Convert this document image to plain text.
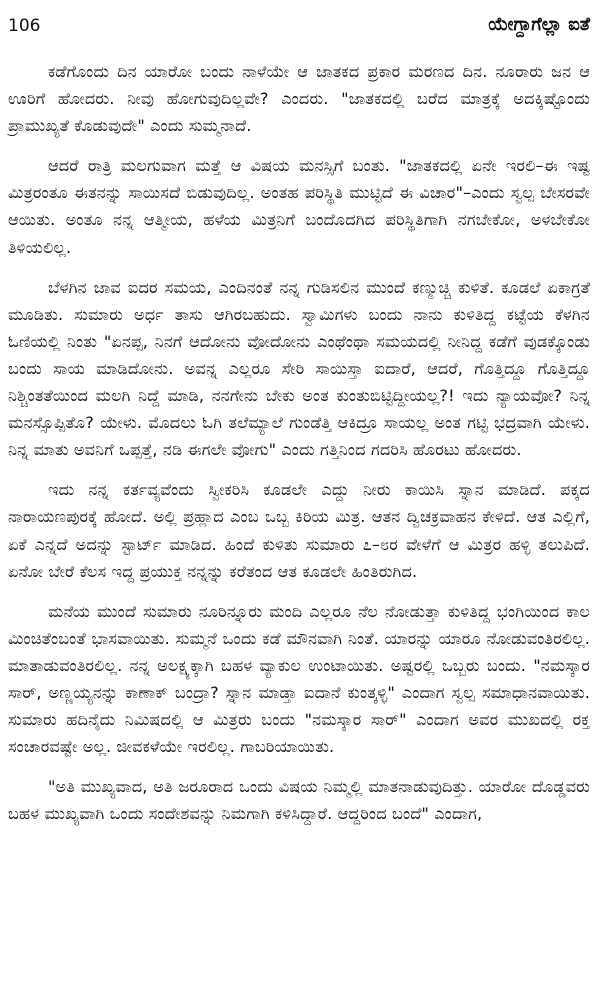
106	ಯೇಗ್ದಾಗೆಲ್ಲಾ ಐತೆ

ಕಡೆಗೊಂದು ದಿನ ಯಾರೋ ಬಂದು ನಾಳೆಯೇ ಆ ಜಾತಕದ ಪ್ರಕಾರ ಮರಣದ ದಿನ. ನೂರಾರು ಜನ ಆ ಊರಿಗೆ ಹೋದರು. ನೀವು ಹೋಗುವುದಿಲ್ಲವೇ? ಎಂದರು. "ಜಾತಕದಲ್ಲಿ ಬರೆದ ಮಾತ್ರಕ್ಕೆ ಅದಕ್ಕಿಷ್ಟೊಂದು ಪ್ರಾಮುಖ್ಯತೆ ಕೊಡುವುದೇ" ಎಂದು ಸುಮ್ಮನಾದೆ.

ಆದರೆ ರಾತ್ರಿ ಮಲಗುವಾಗ ಮತ್ತೆ ಆ ವಿಷಯ ಮನಸ್ಸಿಗೆ ಬಂತು. "ಜಾತಕದಲ್ಲಿ ಏನೇ ಇರಲಿ–ಈ ಇಷ್ಟ ಮಿತ್ರರಂತೂ ಈತನನ್ನು ಸಾಯಿಸದೆ ಬಿಡುವುದಿಲ್ಲ. ಅಂತಹ ಪರಿಸ್ಥಿತಿ ಮುಟ್ಟಿದೆ ಈ ವಿಚಾರ"–ಎಂದು ಸ್ವಲ್ಪ ಬೇಸರವೇ ಆಯಿತು. ಅಂತೂ ನನ್ನ ಆತ್ಮೀಯ, ಹಳೆಯ ಮಿತ್ರನಿಗೆ ಬಂದೊದಗಿದ ಪರಿಸ್ಥಿತಿಗಾಗಿ ನಗಬೇಕೋ, ಅಳಬೇಕೋ ತಿಳಿಯಲಿಲ್ಲ.

ಬೆಳಗಿನ ಜಾವ ಐದರ ಸಮಯ, ಎಂದಿನಂತೆ ನನ್ನ ಗುಡಿಸಲಿನ ಮುಂದೆ ಕಣ್ಮುಚ್ಚಿ ಕುಳಿತೆ. ಕೂಡಲೆ ಏಕಾಗ್ರತೆ ಮೂಡಿತು. ಸುಮಾರು ಅರ್ಧ ತಾಸು ಆಗಿರಬಹುದು. ಸ್ವಾಮಿಗಳು ಬಂದು ನಾನು ಕುಳಿತಿದ್ದ ಕಟ್ಟೆಯ ಕೆಳಗಿನ ಓಣಿಯಲ್ಲಿ ನಿಂತು "ಏನಪ್ಪ, ನಿನಗೆ ಆದೋನು ವೋದೋನು ಎಂಥೆಂಥಾ ಸಮಯದಲ್ಲಿ ನೀನಿದ್ದ ಕಡೆಗೆ ವುಡಕ್ಕೊಂಡು ಬಂದು ಸಾಯ ಮಾಡಿದೋನು. ಅವನ್ನ ಎಲ್ಲರೂ ಸೇರಿ ಸಾಯಿಸ್ತಾ ಐದಾರೆ, ಆದರೆ, ಗೊತ್ತಿದ್ದೂ ಗೊತ್ತಿದ್ದೂ ನಿಶ್ಚಿಂತತೆಯಿಂದ ಮಲಗಿ ನಿದ್ದೆ ಮಾಡಿ, ನನಗೇನು ಬೇಕು ಅಂತ ಕುಂತುಬಿಟ್ಟಿದ್ದೀಯಲ್ಲ?! ಇದು ನ್ಯಾಯವೋ? ನಿನ್ನ ಮನಸ್ಸೊಪ್ಪಿತೊ? ಯೇಳು. ಮೊದಲು ಓಗಿ ತಲೆಮ್ಯಾಲೆ ಗುಂಡೆತ್ತಿ ಆಕಿದ್ರೂ ಸಾಯಲ್ಲ ಅಂತ ಗಟ್ಟಿ ಭದ್ರವಾಗಿ ಯೇಳು. ನಿನ್ನ ಮಾತು ಅವನಿಗೆ ಒಪ್ಪತ್ತೆ, ನಡಿ ಈಗಲೇ ವೋಗು" ಎಂದು ಗತ್ತಿನಿಂದ ಗದರಿಸಿ ಹೊರಟು ಹೋದರು.

ಇದು ನನ್ನ ಕರ್ತವ್ಯವೆಂದು ಸ್ವೀಕರಿಸಿ ಕೂಡಲೇ ಎದ್ದು ನೀರು ಕಾಯಿಸಿ ಸ್ನಾನ ಮಾಡಿದೆ. ಪಕ್ಕದ ನಾರಾಯಣಪುರಕ್ಕೆ ಹೋದೆ. ಅಲ್ಲಿ ಪ್ರಹ್ಲಾದ ಎಂಬ ಒಬ್ಬ ಕಿರಿಯ ಮಿತ್ರ. ಆತನ ದ್ವಿಚಕ್ರವಾಹನ ಕೇಳಿದೆ. ಆತ ಎಲ್ಲಿಗೆ, ಏಕೆ ಎನ್ನದೆ ಅದನ್ನು ಸ್ಟಾರ್ಟ್ ಮಾಡಿದ. ಹಿಂದೆ ಕುಳಿತು ಸುಮಾರು ೭–೮ರ ವೇಳೆಗೆ ಆ ಮಿತ್ರರ ಹಳ್ಳಿ ತಲುಪಿದೆ. ಏನೋ ಬೇರೆ ಕೆಲಸ ಇದ್ದ ಪ್ರಯುಕ್ತ ನನ್ನನ್ನು ಕರೆತಂದ ಆತ ಕೂಡಲೇ ಹಿಂತಿರುಗಿದ.

ಮನೆಯ ಮುಂದೆ ಸುಮಾರು ನೂರಿನ್ನೂರು ಮಂದಿ ಎಲ್ಲರೂ ನೆಲ ನೋಡುತ್ತಾ ಕುಳಿತಿದ್ದ ಭಂಗಿಯಿಂದ ಕಾಲ ಮಿಂಚಿತೆಂಬಂತೆ ಭಾಸವಾಯಿತು. ಸುಮ್ಮನೆ ಒಂದು ಕಡೆ ಮೌನವಾಗಿ ನಿಂತೆ. ಯಾರನ್ನು ಯಾರೂ ನೋಡುವಂತಿರಲಿಲ್ಲ. ಮಾತಾಡುವಂತಿರಲಿಲ್ಲ. ನನ್ನ ಅಲಕ್ಷ್ಯಕ್ಕಾಗಿ ಬಹಳ ವ್ಯಾಕುಲ ಉಂಟಾಯಿತು. ಅಷ್ಟರಲ್ಲಿ ಒಬ್ಬರು ಬಂದು. "ನಮಸ್ಕಾರ ಸಾರ್, ಅಣ್ಣಯ್ಯನನ್ನು ಕಾಣಾಕ್ ಬಂದ್ರಾ? ಸ್ನಾನ ಮಾಡ್ತಾ ಐದಾನೆ ಕುಂತ್ಕಳ್ಳಿ" ಎಂದಾಗ ಸ್ವಲ್ಪ ಸಮಾಧಾನವಾಯಿತು. ಸುಮಾರು ಹದಿನೈದು ನಿಮಿಷದಲ್ಲಿ ಆ ಮಿತ್ರರು ಬಂದು "ನಮಸ್ಕಾರ ಸಾರ್" ಎಂದಾಗ ಅವರ ಮುಖದಲ್ಲಿ ರಕ್ತ ಸಂಚಾರವಷ್ಟೇ ಅಲ್ಲ. ಜೀವಕಳೆಯೇ ಇರಲಿಲ್ಲ. ಗಾಬರಿಯಾಯಿತು.

"ಅತಿ ಮುಖ್ಯವಾದ, ಅತಿ ಜರೂರಾದ ಒಂದು ವಿಷಯ ನಿಮ್ಮಲ್ಲಿ ಮಾತನಾಡುವುದಿತ್ತು. ಯಾರೋ ದೊಡ್ಡವರು ಬಹಳ ಮುಖ್ಯವಾಗಿ ಒಂದು ಸಂದೇಶವನ್ನು ನಿಮಗಾಗಿ ಕಳಿಸಿದ್ದಾರೆ. ಆದ್ದರಿಂದ ಬಂದೆ" ಎಂದಾಗ,
